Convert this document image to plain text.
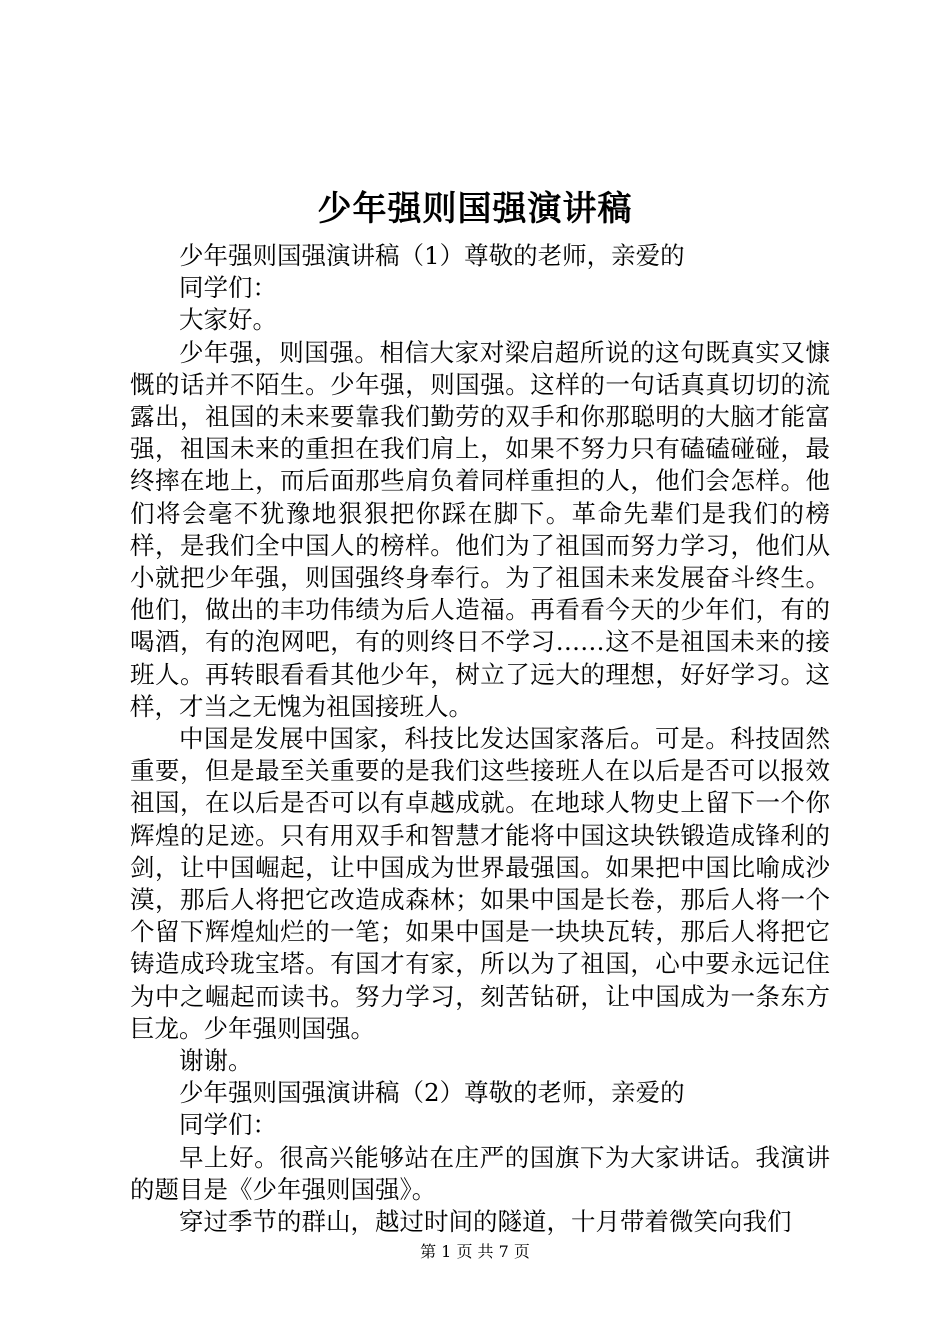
少年强则国强演讲稿

少年强则国强演讲稿（1）尊敬的老师，亲爱的

同学们：

大家好。

少年强，则国强。相信大家对梁启超所说的这句既真实又慷慨的话并不陌生。少年强，则国强。这样的一句话真真切切的流露出，祖国的未来要靠我们勤劳的双手和你那聪明的大脑才能富强，祖国未来的重担在我们肩上，如果不努力只有磕磕碰碰，最终摔在地上，而后面那些肩负着同样重担的人，他们会怎样。他们将会毫不犹豫地狠狠把你踩在脚下。革命先辈们是我们的榜样，是我们全中国人的榜样。他们为了祖国而努力学习，他们从小就把少年强，则国强终身奉行。为了祖国未来发展奋斗终生。他们，做出的丰功伟绩为后人造福。再看看今天的少年们，有的喝酒，有的泡网吧，有的则终日不学习……这不是祖国未来的接班人。再转眼看看其他少年，树立了远大的理想，好好学习。这样，才当之无愧为祖国接班人。

中国是发展中国家，科技比发达国家落后。可是。科技固然重要，但是最至关重要的是我们这些接班人在以后是否可以报效祖国，在以后是否可以有卓越成就。在地球人物史上留下一个你辉煌的足迹。只有用双手和智慧才能将中国这块铁锻造成锋利的剑，让中国崛起，让中国成为世界最强国。如果把中国比喻成沙漠，那后人将把它改造成森林；如果中国是长卷，那后人将一个个留下辉煌灿烂的一笔；如果中国是一块块瓦转，那后人将把它铸造成玲珑宝塔。有国才有家，所以为了祖国，心中要永远记住为中之崛起而读书。努力学习，刻苦钻研，让中国成为一条东方巨龙。少年强则国强。

谢谢。

少年强则国强演讲稿（2）尊敬的老师，亲爱的

同学们：

早上好。很高兴能够站在庄严的国旗下为大家讲话。我演讲的题目是《少年强则国强》。

穿过季节的群山，越过时间的隧道，十月带着微笑向我们

第 1 页 共 7 页
